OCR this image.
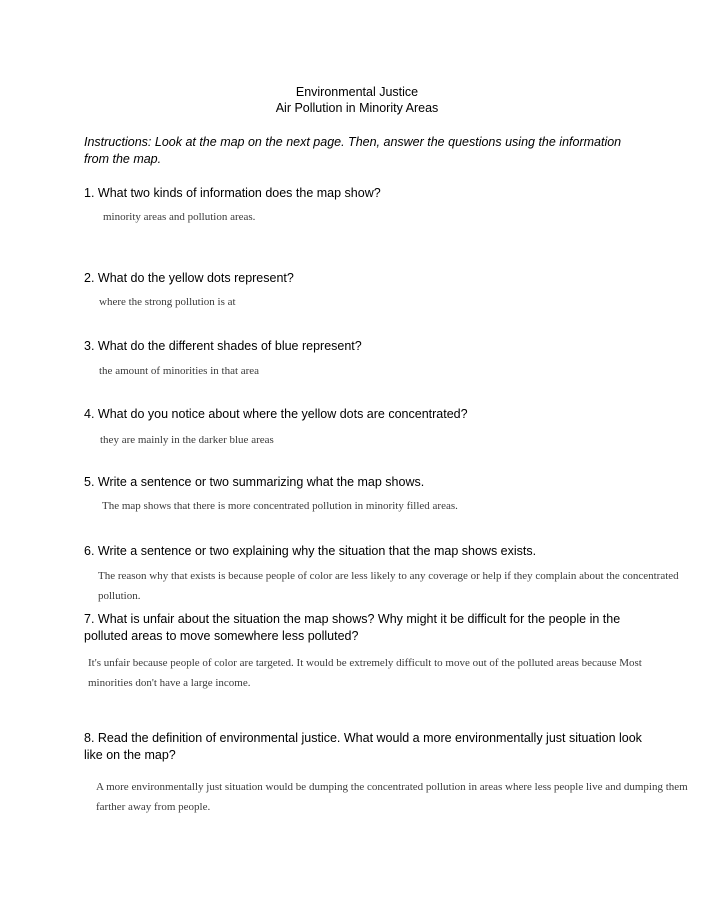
Environmental Justice
Air Pollution in Minority Areas
Instructions: Look at the map on the next page. Then, answer the questions using the information from the map.
1. What two kinds of information does the map show?
minority areas and pollution areas.
2. What do the yellow dots represent?
where the strong pollution is at
3. What do the different shades of blue represent?
the amount of minorities in that area
4. What do you notice about where the yellow dots are concentrated?
they are mainly in the darker blue areas
5. Write a sentence or two summarizing what the map shows.
The map shows that there is more concentrated pollution in minority filled areas.
6. Write a sentence or two explaining why the situation that the map shows exists.
The reason why that exists is because people of color are less likely to any coverage or help if they complain about the concentrated pollution.
7. What is unfair about the situation the map shows? Why might it be difficult for the people in the polluted areas to move somewhere less polluted?
It's unfair because people of color are targeted. It would be extremely difficult to move out of the polluted areas because Most minorities don't have a large income.
8. Read the definition of environmental justice. What would a more environmentally just situation look like on the map?
A more environmentally just situation would be dumping the concentrated pollution in areas where less people live and dumping them farther away from people.
